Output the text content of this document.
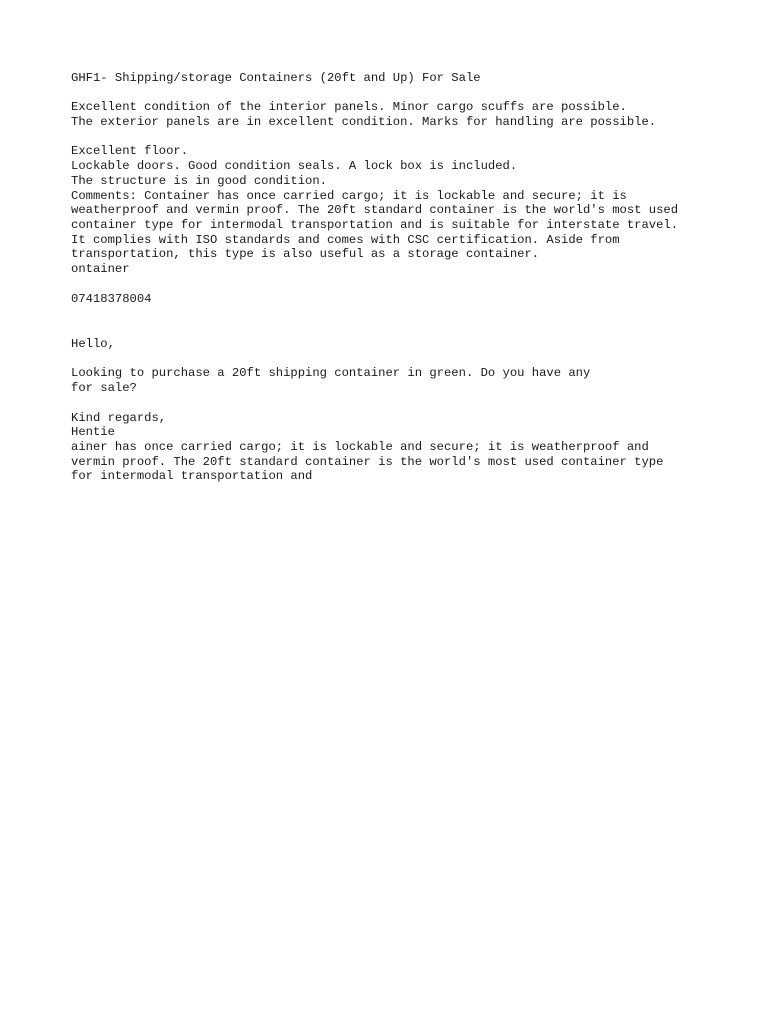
GHF1- Shipping/storage Containers (20ft and Up) For Sale
Excellent condition of the interior panels. Minor cargo scuffs are possible.
The exterior panels are in excellent condition. Marks for handling are possible.
Excellent floor.
Lockable doors. Good condition seals. A lock box is included.
The structure is in good condition.
Comments: Container has once carried cargo; it is lockable and secure; it is
weatherproof and vermin proof. The 20ft standard container is the world's most used
container type for intermodal transportation and is suitable for interstate travel.
It complies with ISO standards and comes with CSC certification. Aside from
transportation, this type is also useful as a storage container.
ontainer
07418378004
Hello,
Looking to purchase a 20ft shipping container in green. Do you have any
for sale?
Kind regards,
Hentie
ainer has once carried cargo; it is lockable and secure; it is weatherproof and
vermin proof. The 20ft standard container is the world's most used container type
for intermodal transportation and
